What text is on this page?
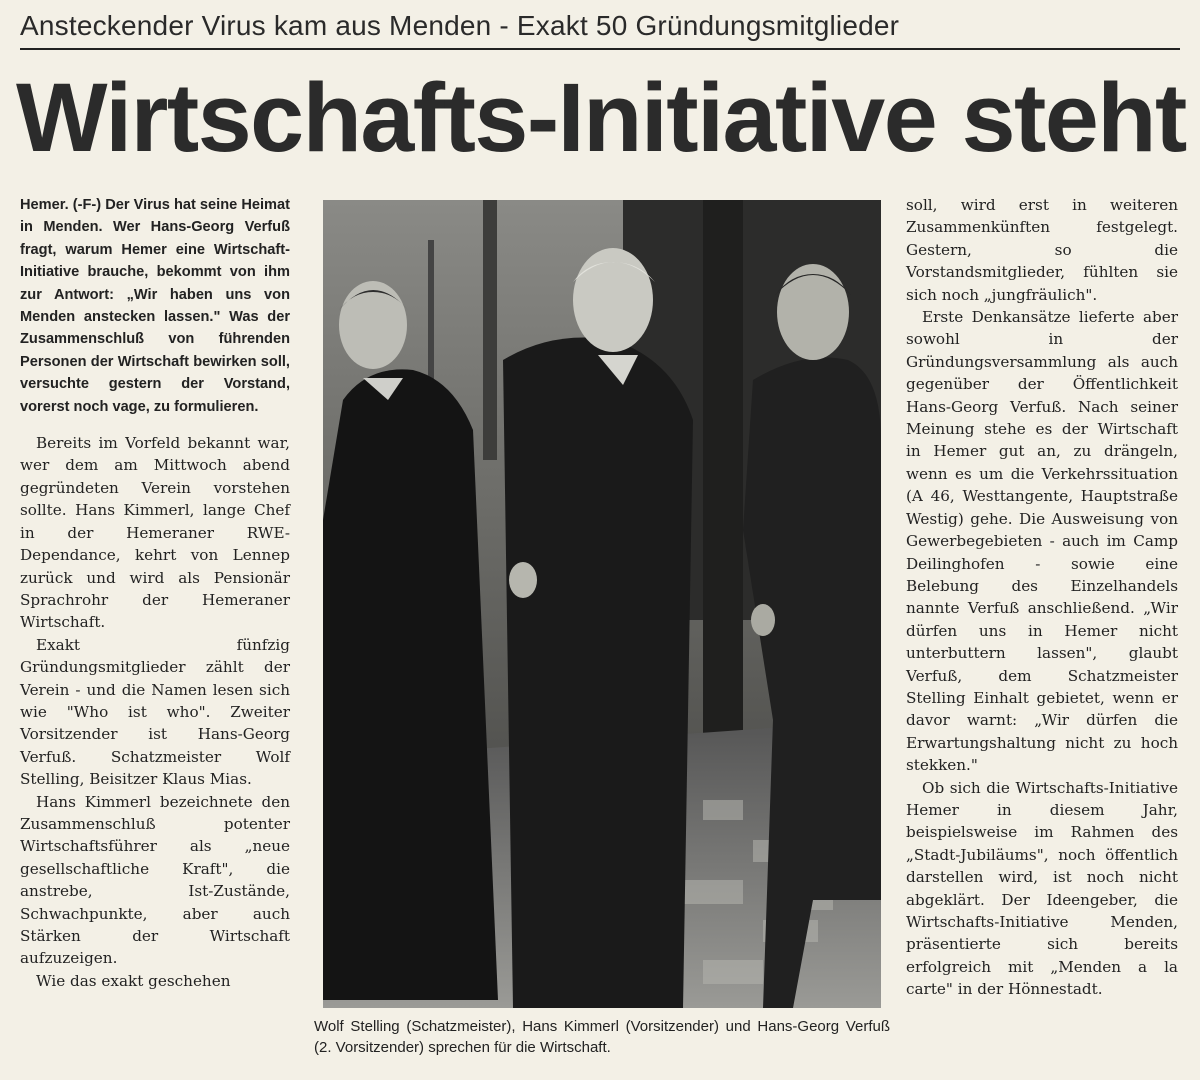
Ansteckender Virus kam aus Menden - Exakt 50 Gründungsmitglieder
Wirtschafts-Initiative steht

Hemer. (-F-) Der Virus hat seine Heimat in Menden. Wer Hans-Georg Verfuß fragt, warum Hemer eine Wirtschaft-Initiative brauche, bekommt von ihm zur Antwort: „Wir haben uns von Menden anstecken lassen." Was der Zusammenschluß von führenden Personen der Wirtschaft bewirken soll, versuchte gestern der Vorstand, vorerst noch vage, zu formulieren.

Bereits im Vorfeld bekannt war, wer dem am Mittwoch abend gegründeten Verein vorstehen sollte. Hans Kimmerl, lange Chef in der Hemeraner RWE-Dependance, kehrt von Lennep zurück und wird als Pensionär Sprachrohr der Hemeraner Wirtschaft.

Exakt fünfzig Gründungsmitglieder zählt der Verein - und die Namen lesen sich wie "Who ist who". Zweiter Vorsitzender ist Hans-Georg Verfuß. Schatzmeister Wolf Stelling, Beisitzer Klaus Mias.

Hans Kimmerl bezeichnete den Zusammenschluß potenter Wirtschaftsführer als „neue gesellschaftliche Kraft", die anstrebe, Ist-Zustände, Schwachpunkte, aber auch Stärken der Wirtschaft aufzuzeigen.

Wie das exakt geschehen

Wolf Stelling (Schatzmeister), Hans Kimmerl (Vorsitzender) und Hans-Georg Verfuß (2. Vorsitzender) sprechen für die Wirtschaft.

soll, wird erst in weiteren Zusammenkünften festgelegt. Gestern, so die Vorstandsmitglieder, fühlten sie sich noch „jungfräulich".

Erste Denkansätze lieferte aber sowohl in der Gründungsversammlung als auch gegenüber der Öffentlichkeit Hans-Georg Verfuß. Nach seiner Meinung stehe es der Wirtschaft in Hemer gut an, zu drängeln, wenn es um die Verkehrssituation (A 46, Westtangente, Hauptstraße Westig) gehe. Die Ausweisung von Gewerbegebieten - auch im Camp Deilinghofen - sowie eine Belebung des Einzelhandels nannte Verfuß anschließend. „Wir dürfen uns in Hemer nicht unterbuttern lassen", glaubt Verfuß, dem Schatzmeister Stelling Einhalt gebietet, wenn er davor warnt: „Wir dürfen die Erwartungshaltung nicht zu hoch stekken."

Ob sich die Wirtschafts-Initiative Hemer in diesem Jahr, beispielsweise im Rahmen des „Stadt-Jubiläums", noch öffentlich darstellen wird, ist noch nicht abgeklärt. Der Ideengeber, die Wirtschafts-Initiative Menden, präsentierte sich bereits erfolgreich mit „Menden a la carte" in der Hönnestadt.
